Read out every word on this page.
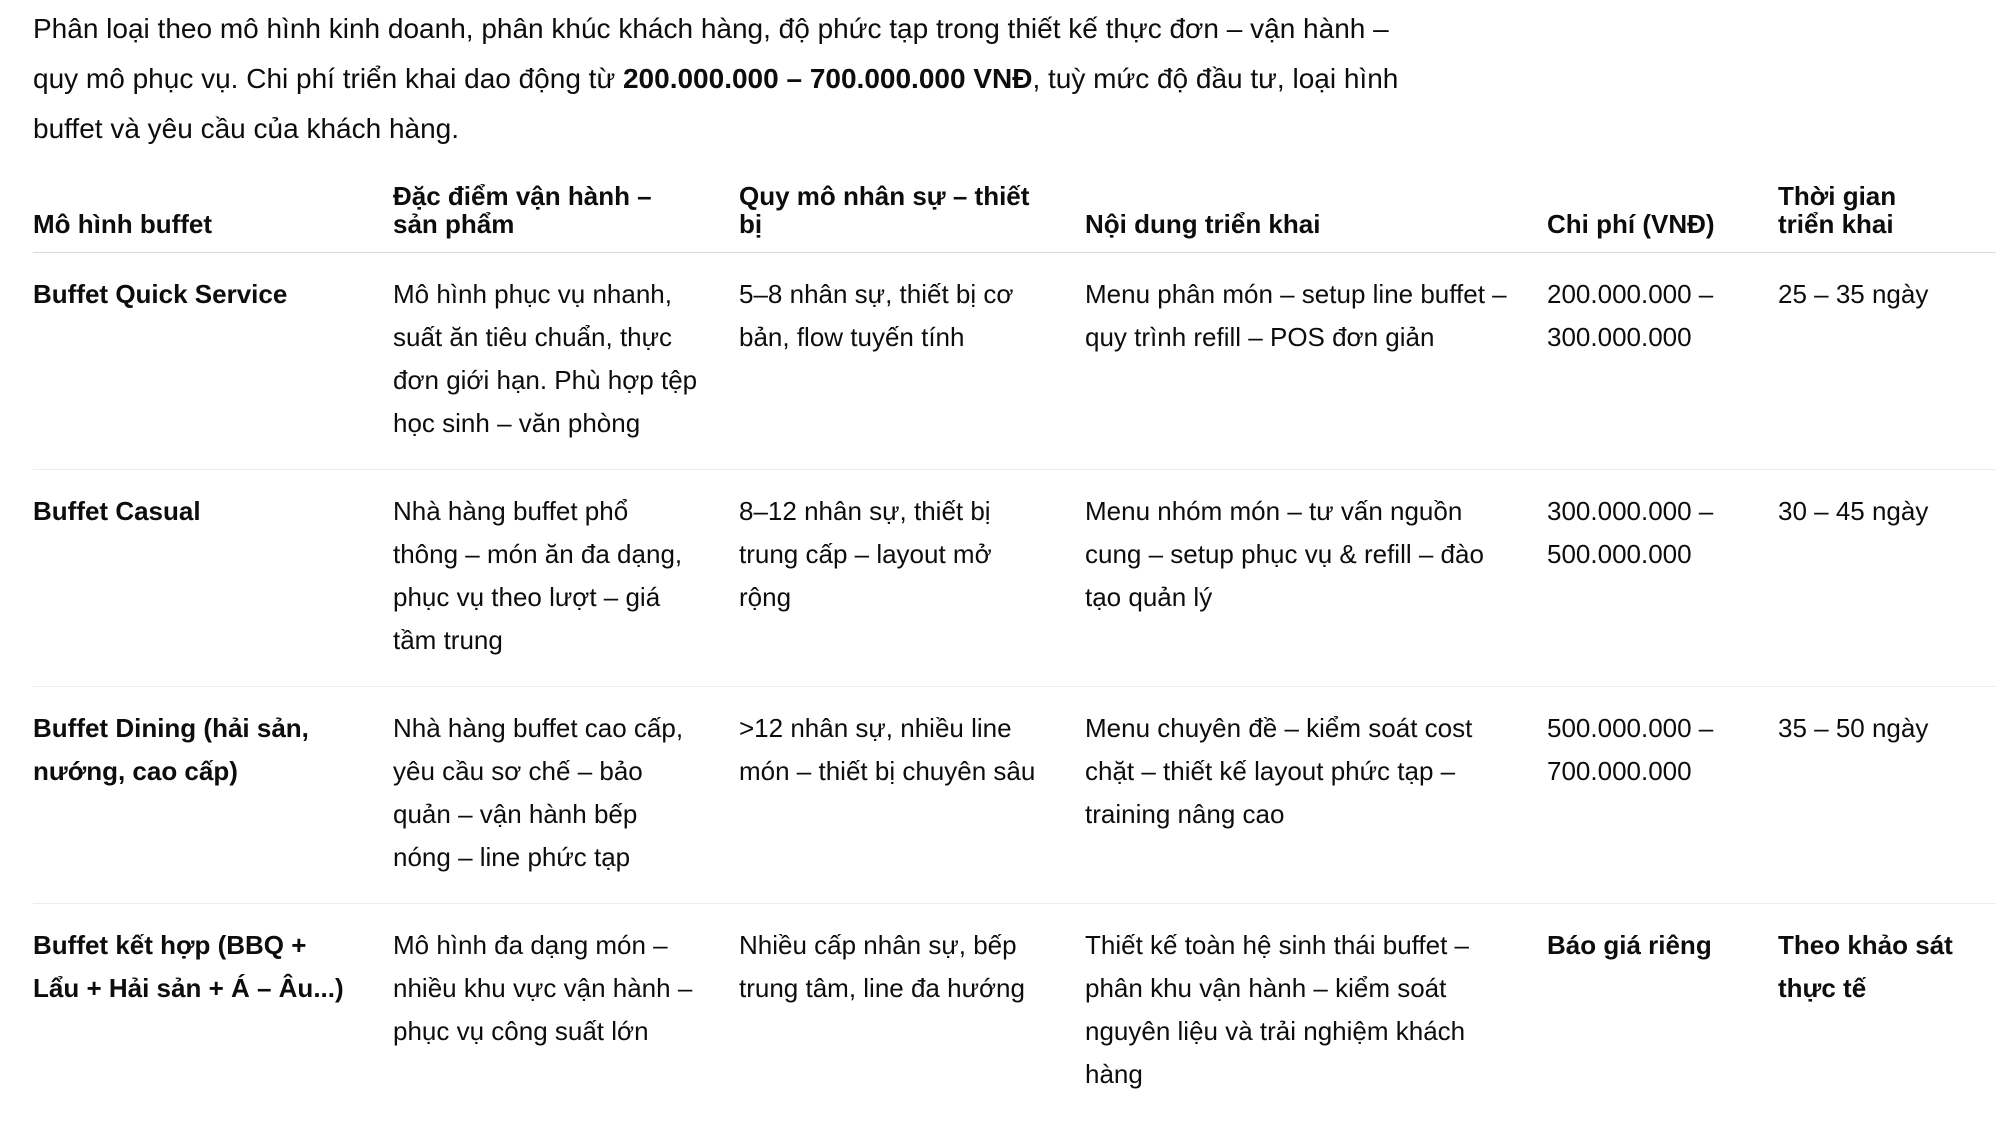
Phân loại theo mô hình kinh doanh, phân khúc khách hàng, độ phức tạp trong thiết kế thực đơn – vận hành – quy mô phục vụ. Chi phí triển khai dao động từ 200.000.000 – 700.000.000 VNĐ, tuỳ mức độ đầu tư, loại hình buffet và yêu cầu của khách hàng.

Mô hình buffet	Đặc điểm vận hành – sản phẩm	Quy mô nhân sự – thiết bị	Nội dung triển khai	Chi phí (VNĐ)	Thời gian triển khai
Buffet Quick Service	Mô hình phục vụ nhanh, suất ăn tiêu chuẩn, thực đơn giới hạn. Phù hợp tệp học sinh – văn phòng	5–8 nhân sự, thiết bị cơ bản, flow tuyến tính	Menu phân món – setup line buffet – quy trình refill – POS đơn giản	200.000.000 – 300.000.000	25 – 35 ngày
Buffet Casual	Nhà hàng buffet phổ thông – món ăn đa dạng, phục vụ theo lượt – giá tầm trung	8–12 nhân sự, thiết bị trung cấp – layout mở rộng	Menu nhóm món – tư vấn nguồn cung – setup phục vụ & refill – đào tạo quản lý	300.000.000 – 500.000.000	30 – 45 ngày
Buffet Dining (hải sản, nướng, cao cấp)	Nhà hàng buffet cao cấp, yêu cầu sơ chế – bảo quản – vận hành bếp nóng – line phức tạp	>12 nhân sự, nhiều line món – thiết bị chuyên sâu	Menu chuyên đề – kiểm soát cost chặt – thiết kế layout phức tạp – training nâng cao	500.000.000 – 700.000.000	35 – 50 ngày
Buffet kết hợp (BBQ + Lẩu + Hải sản + Á – Âu...)	Mô hình đa dạng món – nhiều khu vực vận hành – phục vụ công suất lớn	Nhiều cấp nhân sự, bếp trung tâm, line đa hướng	Thiết kế toàn hệ sinh thái buffet – phân khu vận hành – kiểm soát nguyên liệu và trải nghiệm khách hàng	Báo giá riêng	Theo khảo sát thực tế
